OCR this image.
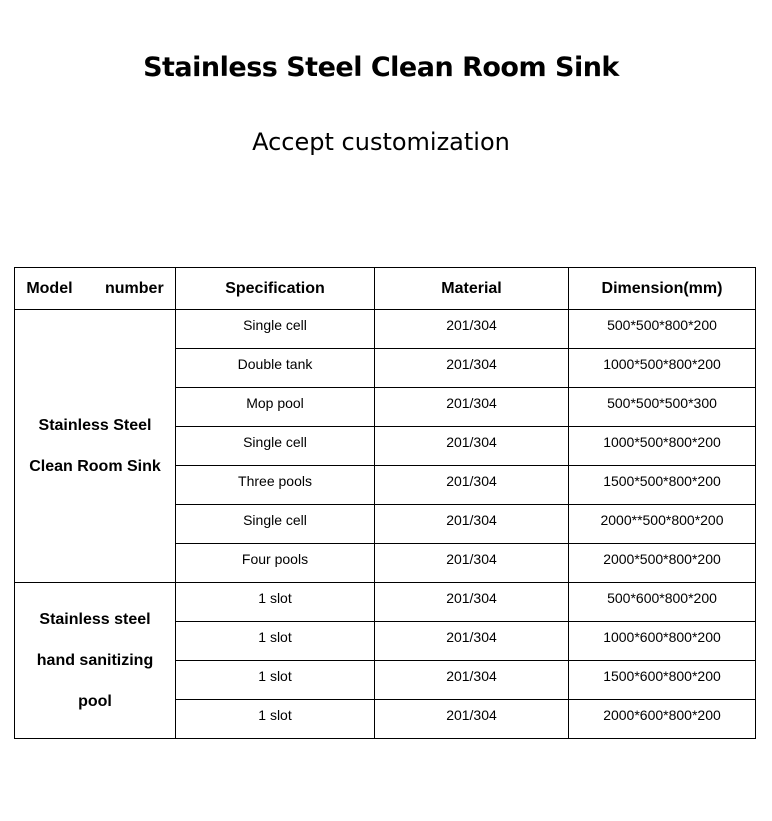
Stainless Steel Clean Room Sink
Accept customization
Model number	Specification	Material	Dimension(mm)

Stainless Steel
Clean Room Sink	Single cell	201/304	500*500*800*200
	Double tank	201/304	1000*500*800*200
	Mop pool	201/304	500*500*500*300
	Single cell	201/304	1000*500*800*200
	Three pools	201/304	1500*500*800*200
	Single cell	201/304	2000**500*800*200
	Four pools	201/304	2000*500*800*200

Stainless steel
hand sanitizing
pool	1 slot	201/304	500*600*800*200
	1 slot	201/304	1000*600*800*200
	1 slot	201/304	1500*600*800*200
	1 slot	201/304	2000*600*800*200
